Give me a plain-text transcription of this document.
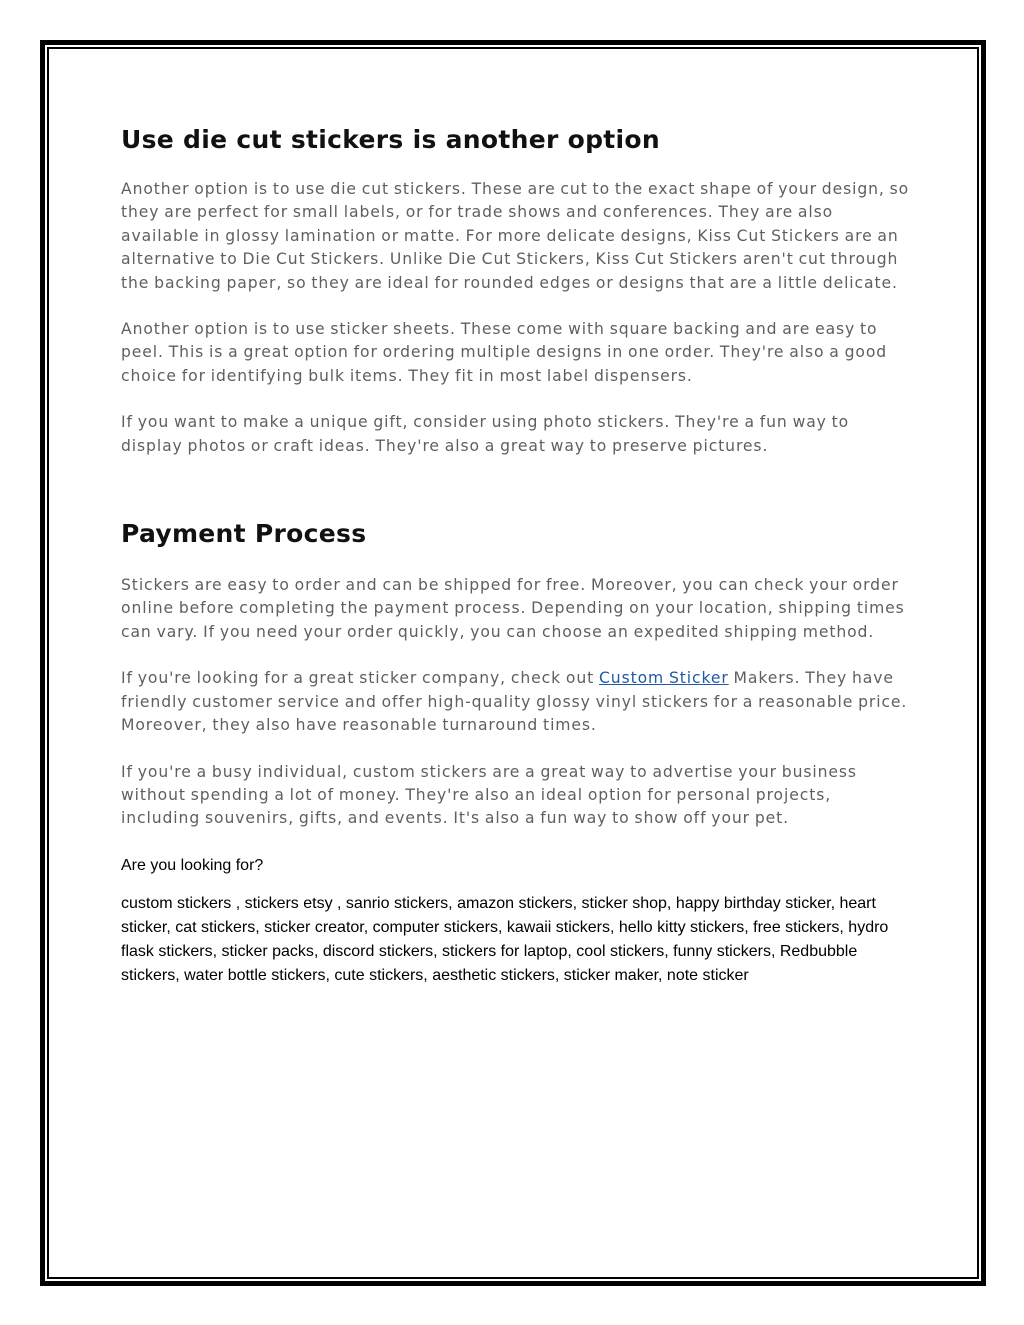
Use die cut stickers is another option

Another option is to use die cut stickers. These are cut to the exact shape of your design, so they are perfect for small labels, or for trade shows and conferences. They are also available in glossy lamination or matte. For more delicate designs, Kiss Cut Stickers are an alternative to Die Cut Stickers. Unlike Die Cut Stickers, Kiss Cut Stickers aren't cut through the backing paper, so they are ideal for rounded edges or designs that are a little delicate.

Another option is to use sticker sheets. These come with square backing and are easy to peel. This is a great option for ordering multiple designs in one order. They're also a good choice for identifying bulk items. They fit in most label dispensers.

If you want to make a unique gift, consider using photo stickers. They're a fun way to display photos or craft ideas. They're also a great way to preserve pictures.

Payment Process

Stickers are easy to order and can be shipped for free. Moreover, you can check your order online before completing the payment process. Depending on your location, shipping times can vary. If you need your order quickly, you can choose an expedited shipping method.

If you're looking for a great sticker company, check out Custom Sticker Makers. They have friendly customer service and offer high-quality glossy vinyl stickers for a reasonable price. Moreover, they also have reasonable turnaround times.

If you're a busy individual, custom stickers are a great way to advertise your business without spending a lot of money. They're also an ideal option for personal projects, including souvenirs, gifts, and events. It's also a fun way to show off your pet.

Are you looking for?

custom stickers , stickers etsy , sanrio stickers, amazon stickers, sticker shop, happy birthday sticker, heart sticker, cat stickers, sticker creator, computer stickers, kawaii stickers, hello kitty stickers, free stickers, hydro flask stickers, sticker packs, discord stickers, stickers for laptop, cool stickers, funny stickers, Redbubble stickers, water bottle stickers, cute stickers, aesthetic stickers, sticker maker, note sticker
